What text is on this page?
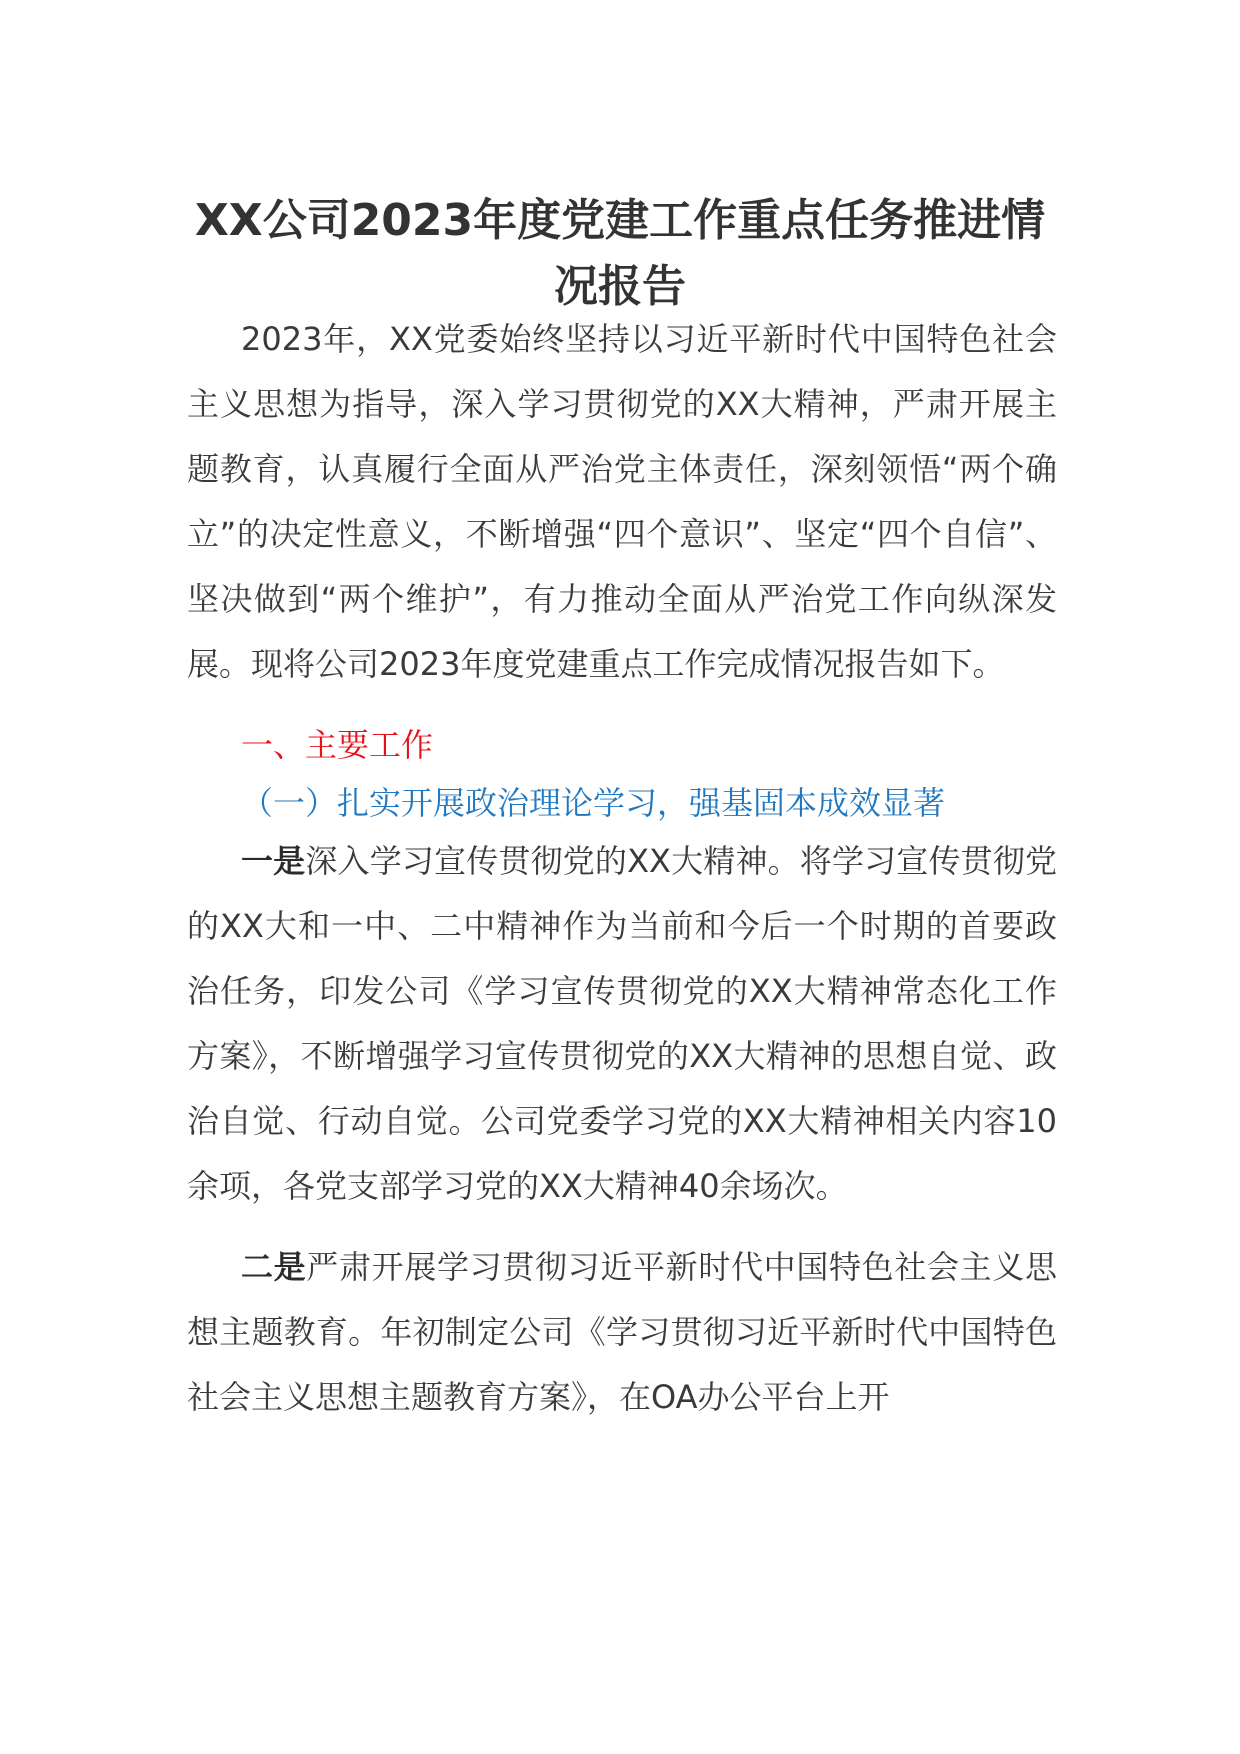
XX公司2023年度党建工作重点任务推进情况报告

2023年，XX党委始终坚持以习近平新时代中国特色社会主义思想为指导，深入学习贯彻党的XX大精神，严肃开展主题教育，认真履行全面从严治党主体责任，深刻领悟“两个确立”的决定性意义，不断增强“四个意识”、坚定“四个自信”、坚决做到“两个维护”，有力推动全面从严治党工作向纵深发展。现将公司2023年度党建重点工作完成情况报告如下。

一、主要工作

（一）扎实开展政治理论学习，强基固本成效显著

一是深入学习宣传贯彻党的XX大精神。将学习宣传贯彻党的XX大和一中、二中精神作为当前和今后一个时期的首要政治任务，印发公司《学习宣传贯彻党的XX大精神常态化工作方案》，不断增强学习宣传贯彻党的XX大精神的思想自觉、政治自觉、行动自觉。公司党委学习党的XX大精神相关内容10余项，各党支部学习党的XX大精神40余场次。

二是严肃开展学习贯彻习近平新时代中国特色社会主义思想主题教育。年初制定公司《学习贯彻习近平新时代中国特色社会主义思想主题教育方案》，在OA办公平台上开
